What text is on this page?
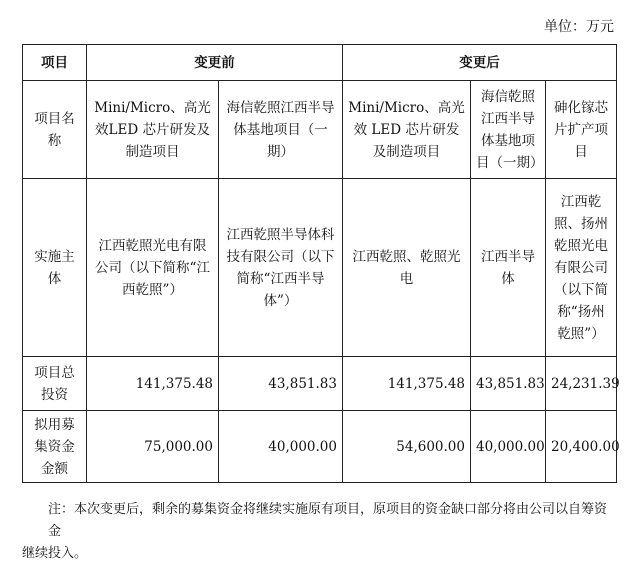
单位：万元
项目	变更前		变更后		
项目名称	Mini/Micro、高光效LED 芯片研发及制造项目	海信乾照江西半导体基地项目（一期）	Mini/Micro、高光效 LED 芯片研发及制造项目	海信乾照江西半导体基地项目（一期）	砷化镓芯片扩产项目
实施主体	江西乾照光电有限公司（以下简称“江西乾照”）	江西乾照半导体科技有限公司（以下简称“江西半导体”）	江西乾照、乾照光电	江西半导体	江西乾照、扬州乾照光电有限公司（以下简称“扬州乾照”）
项目总投资	141,375.48	43,851.83	141,375.48	43,851.83	24,231.39
拟用募集资金金额	75,000.00	40,000.00	54,600.00	40,000.00	20,400.00
注：本次变更后，剩余的募集资金将继续实施原有项目，原项目的资金缺口部分将由公司以自筹资金
继续投入。
